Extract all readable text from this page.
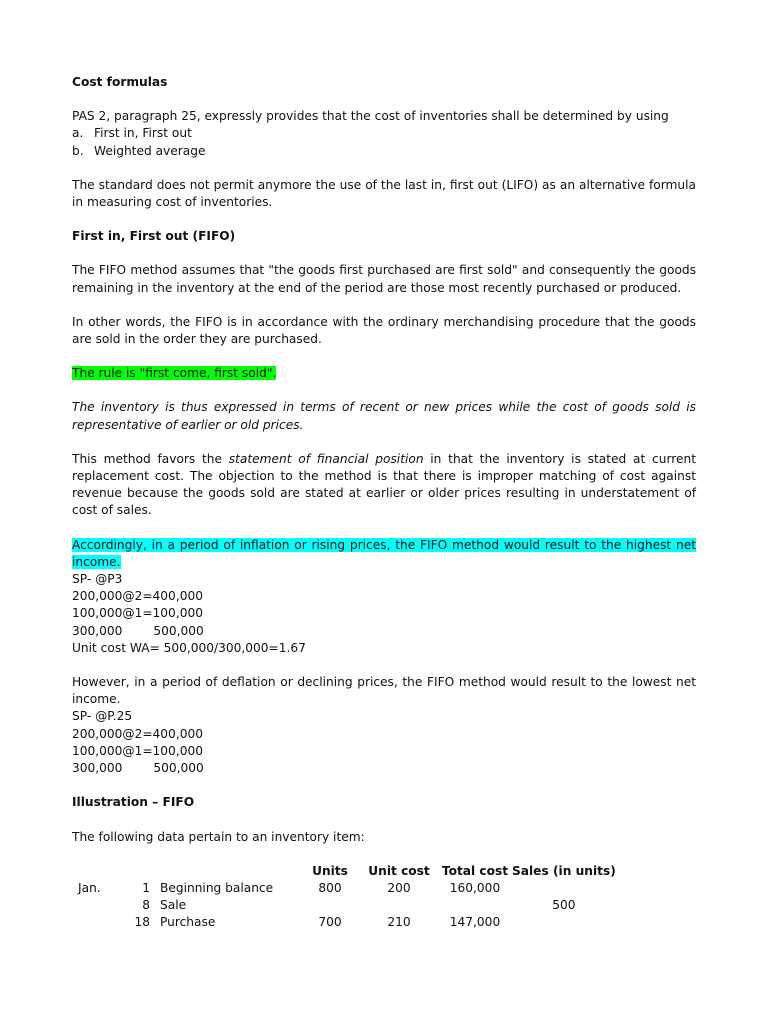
Cost formulas

PAS 2, paragraph 25, expressly provides that the cost of inventories shall be determined by using

a. First in, First out
b. Weighted average

The standard does not permit anymore the use of the last in, first out (LIFO) as an alternative formula in measuring cost of inventories.

First in, First out (FIFO)

The FIFO method assumes that "the goods first purchased are first sold" and consequently the goods remaining in the inventory at the end of the period are those most recently purchased or produced.

In other words, the FIFO is in accordance with the ordinary merchandising procedure that the goods are sold in the order they are purchased.

The rule is "first come, first sold".

The inventory is thus expressed in terms of recent or new prices while the cost of goods sold is representative of earlier or old prices.

This method favors the statement of financial position in that the inventory is stated at current replacement cost. The objection to the method is that there is improper matching of cost against revenue because the goods sold are stated at earlier or older prices resulting in understatement of cost of sales.

Accordingly, in a period of inflation or rising prices, the FIFO method would result to the highest net income.

SP- @P3

200,000@2=400,000

100,000@1=100,000

300,000        500,000

Unit cost WA= 500,000/300,000=1.67

However, in a period of deflation or declining prices, the FIFO method would result to the lowest net income.

SP- @P.25

200,000@2=400,000

100,000@1=100,000

300,000        500,000

Illustration – FIFO

The following data pertain to an inventory item:

			Units	Unit cost	Total cost	Sales (in units)
Jan.	1	Beginning balance	800	200	160,000	
	8	Sale				500
	18	Purchase	700	210	147,000	
